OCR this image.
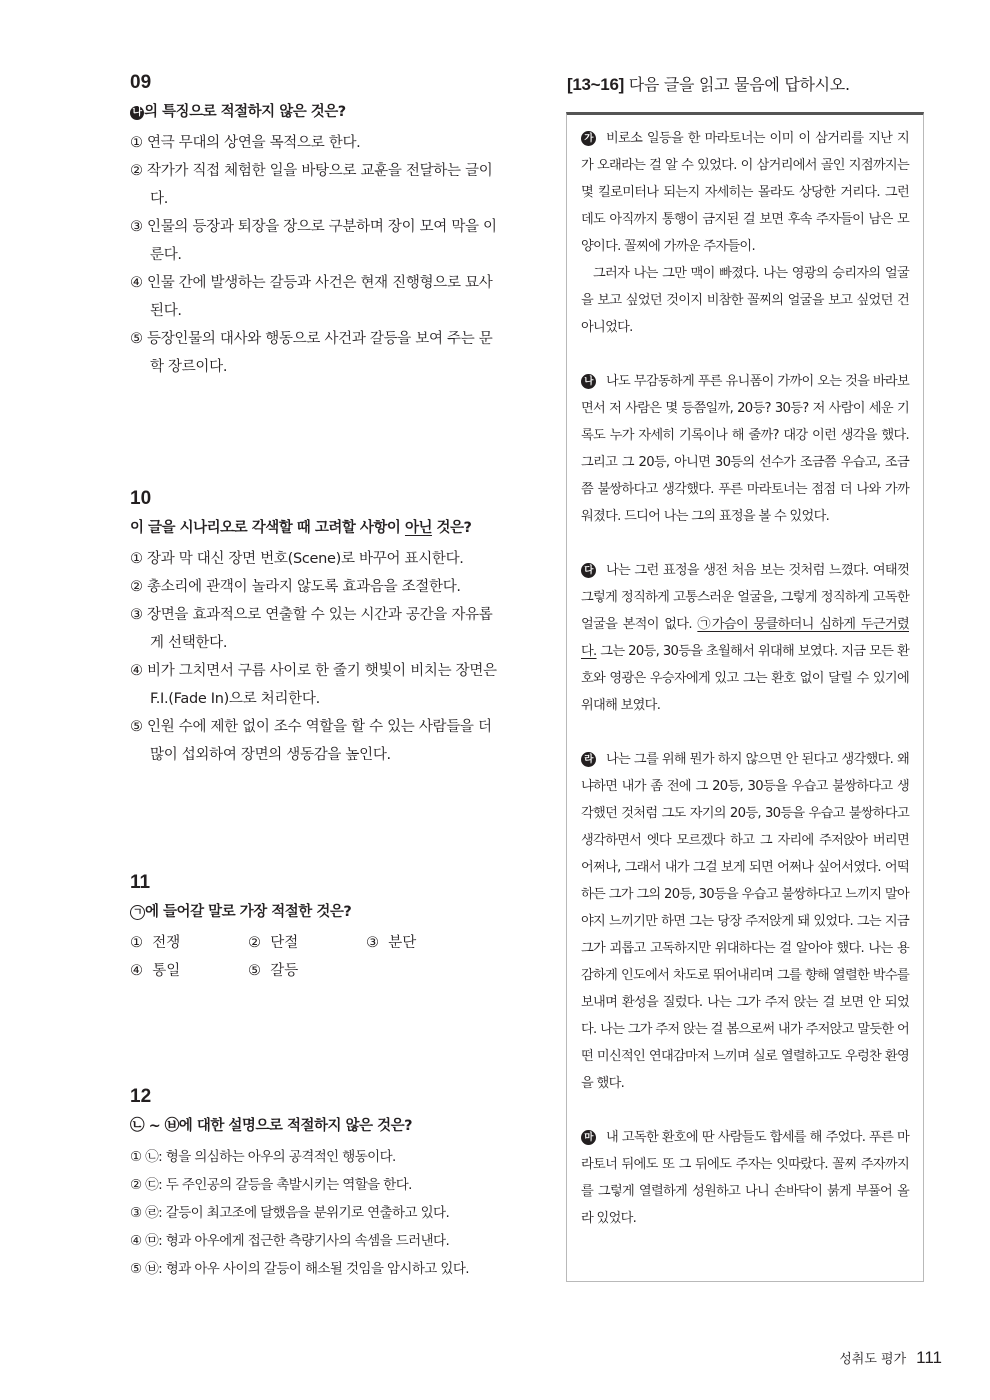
09
나 의 특징으로 적절하지 않은 것은?
① 연극 무대의 상연을 목적으로 한다.
② 작가가 직접 체험한 일을 바탕으로 교훈을 전달하는 글이다.
③ 인물의 등장과 퇴장을 장으로 구분하며 장이 모여 막을 이룬다.
④ 인물 간에 발생하는 갈등과 사건은 현재 진행형으로 묘사된다.
⑤ 등장인물의 대사와 행동으로 사건과 갈등을 보여 주는 문학 장르이다.
10
이 글을 시나리오로 각색할 때 고려할 사항이 아닌 것은?
① 장과 막 대신 장면 번호(Scene)로 바꾸어 표시한다.
② 총소리에 관객이 놀라지 않도록 효과음을 조절한다.
③ 장면을 효과적으로 연출할 수 있는 시간과 공간을 자유롭게 선택한다.
④ 비가 그치면서 구름 사이로 한 줄기 햇빛이 비치는 장면은 F.I.(Fade In)으로 처리한다.
⑤ 인원 수에 제한 없이 조수 역할을 할 수 있는 사람들을 더 많이 섭외하여 장면의 생동감을 높인다.
11
ㄱ 에 들어갈 말로 가장 적절한 것은?
① 전쟁	② 단절	③ 분단
④ 통일	⑤ 갈등
12
㉡ ~ ㉥에 대한 설명으로 적절하지 않은 것은?
① ㉡: 형을 의심하는 아우의 공격적인 행동이다.
② ㉢: 두 주인공의 갈등을 촉발시키는 역할을 한다.
③ ㉣: 갈등이 최고조에 달했음을 분위기로 연출하고 있다.
④ ㉤: 형과 아우에게 접근한 측량기사의 속셈을 드러낸다.
⑤ ㉥: 형과 아우 사이의 갈등이 해소될 것임을 암시하고 있다.
[13~16] 다음 글을 읽고 물음에 답하시오.
가 비로소 일등을 한 마라토너는 이미 이 삼거리를 지난 지가 오래라는 걸 알 수 있었다. 이 삼거리에서 골인 지점까지는 몇 킬로미터나 되는지 자세히는 몰라도 상당한 거리다. 그런데도 아직까지 통행이 금지된 걸 보면 후속 주자들이 남은 모양이다. 꼴찌에 가까운 주자들이.
그러자 나는 그만 맥이 빠졌다. 나는 영광의 승리자의 얼굴을 보고 싶었던 것이지 비참한 꼴찌의 얼굴을 보고 싶었던 건 아니었다.
나 나도 무감동하게 푸른 유니폼이 가까이 오는 것을 바라보면서 저 사람은 몇 등쯤일까, 20등? 30등? 저 사람이 세운 기록도 누가 자세히 기록이나 해 줄까? 대강 이런 생각을 했다. 그리고 그 20등, 아니면 30등의 선수가 조금쯤 우습고, 조금쯤 불쌍하다고 생각했다. 푸른 마라토너는 점점 더 나와 가까워졌다. 드디어 나는 그의 표정을 볼 수 있었다.
다 나는 그런 표정을 생전 처음 보는 것처럼 느꼈다. 여태껏 그렇게 정직하게 고통스러운 얼굴을, 그렇게 정직하게 고독한 얼굴을 본적이 없다. ㉠가슴이 뭉클하더니 심하게 두근거렸다. 그는 20등, 30등을 초월해서 위대해 보였다. 지금 모든 환호와 영광은 우승자에게 있고 그는 환호 없이 달릴 수 있기에 위대해 보였다.
라 나는 그를 위해 뭔가 하지 않으면 안 된다고 생각했다. 왜냐하면 내가 좀 전에 그 20등, 30등을 우습고 불쌍하다고 생각했던 것처럼 그도 자기의 20등, 30등을 우습고 불쌍하다고 생각하면서 엣다 모르겠다 하고 그 자리에 주저앉아 버리면 어쩌나, 그래서 내가 그걸 보게 되면 어쩌나 싶어서였다. 어떡하든 그가 그의 20등, 30등을 우습고 불쌍하다고 느끼지 말아야지 느끼기만 하면 그는 당장 주저앉게 돼 있었다. 그는 지금 그가 괴롭고 고독하지만 위대하다는 걸 알아야 했다. 나는 용감하게 인도에서 차도로 뛰어내리며 그를 향해 열렬한 박수를 보내며 환성을 질렀다. 나는 그가 주저 앉는 걸 보면 안 되었다. 나는 그가 주저 앉는 걸 봄으로써 내가 주저앉고 말듯한 어떤 미신적인 연대감마저 느끼며 실로 열렬하고도 우렁찬 환영을 했다.
마 내 고독한 환호에 딴 사람들도 합세를 해 주었다. 푸른 마라토너 뒤에도 또 그 뒤에도 주자는 잇따랐다. 꼴찌 주자까지를 그렇게 열렬하게 성원하고 나니 손바닥이 붉게 부풀어 올라 있었다.
성취도 평가 111
